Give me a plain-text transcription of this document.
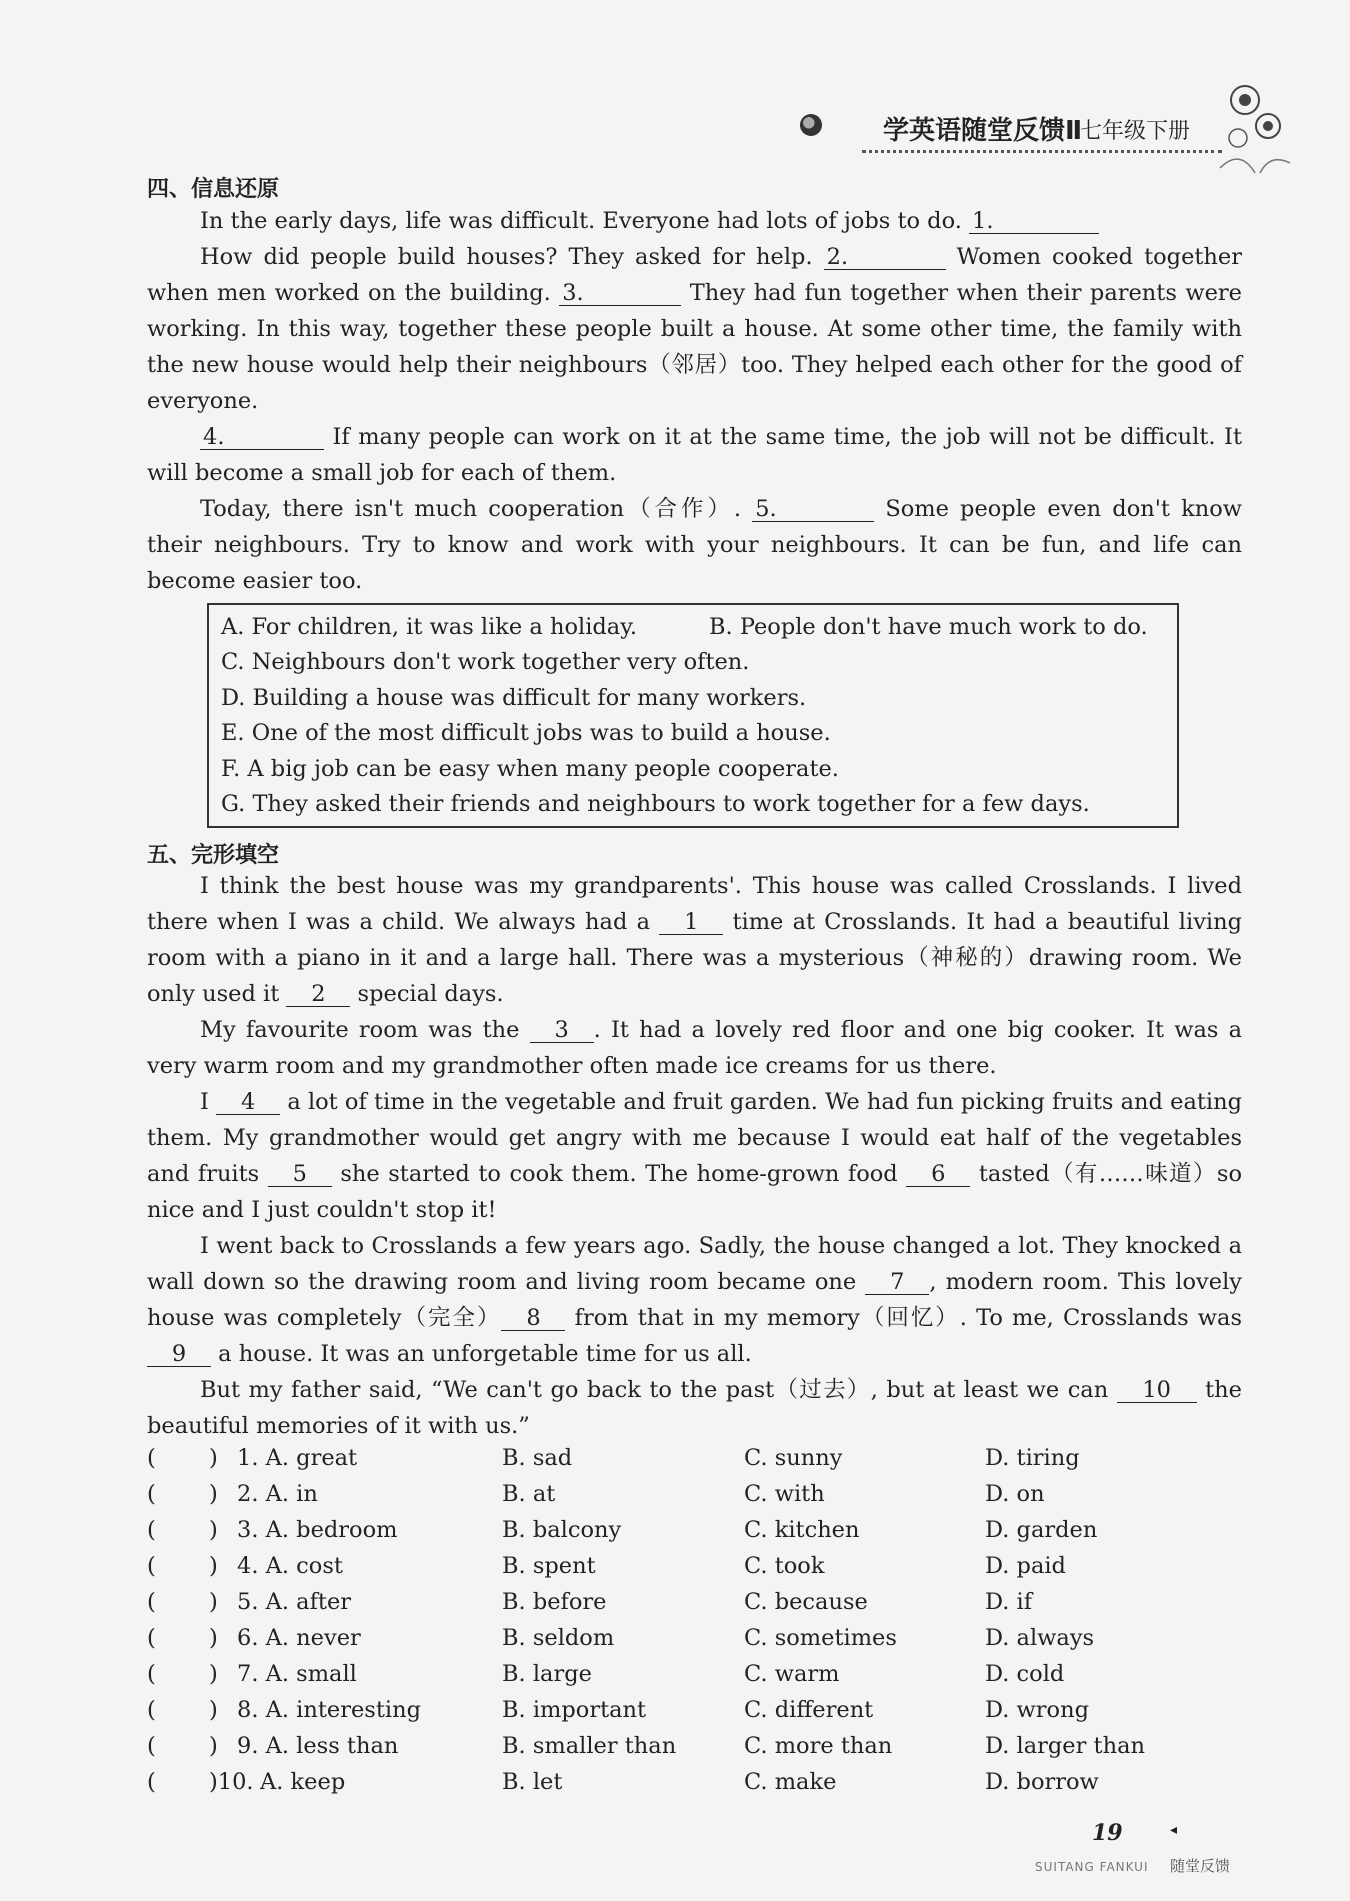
学英语随堂反馈Ⅱ
七年级下册
四、信息还原
In the early days, life was difficult. Everyone had lots of jobs to do. 1.
How did people build houses? They asked for help. 2.	Women cooked together when men worked on the building. 3.	They had fun together when their parents were working. In this way, together these people built a house. At some other time, the family with the new house would help their neighbours（邻居）too. They helped each other for the good of everyone.
4.	If many people can work on it at the same time, the job will not be difficult. It will become a small job for each of them.
Today, there isn't much cooperation（合作）. 5.	Some people even don't know their neighbours. Try to know and work with your neighbours. It can be fun, and life can become easier too.
A. For children, it was like a holiday.	B. People don't have much work to do.
C. Neighbours don't work together very often.
D. Building a house was difficult for many workers.
E. One of the most difficult jobs was to build a house.
F. A big job can be easy when many people cooperate.
G. They asked their friends and neighbours to work together for a few days.
五、完形填空
I think the best house was my grandparents'. This house was called Crosslands. I lived there when I was a child. We always had a 1 time at Crosslands. It had a beautiful living room with a piano in it and a large hall. There was a mysterious（神秘的）drawing room. We only used it 2 special days.
My favourite room was the 3 . It had a lovely red floor and one big cooker. It was a very warm room and my grandmother often made ice creams for us there.
I 4 a lot of time in the vegetable and fruit garden. We had fun picking fruits and eating them. My grandmother would get angry with me because I would eat half of the vegetables and fruits 5 she started to cook them. The home-grown food 6 tasted（有……味道）so nice and I just couldn't stop it!
I went back to Crosslands a few years ago. Sadly, the house changed a lot. They knocked a wall down so the drawing room and living room became one 7 , modern room. This lovely house was completely（完全） 8 from that in my memory（回忆）. To me, Crosslands was 9 a house. It was an unforgetable time for us all.
But my father said, “We can't go back to the past（过去）, but at least we can 10 the beautiful memories of it with us.”
( ) 1. A. great	B. sad	C. sunny	D. tiring
( ) 2. A. in	B. at	C. with	D. on
( ) 3. A. bedroom	B. balcony	C. kitchen	D. garden
( ) 4. A. cost	B. spent	C. took	D. paid
( ) 5. A. after	B. before	C. because	D. if
( ) 6. A. never	B. seldom	C. sometimes	D. always
( ) 7. A. small	B. large	C. warm	D. cold
( ) 8. A. interesting	B. important	C. different	D. wrong
( ) 9. A. less than	B. smaller than	C. more than	D. larger than
( )10. A. keep	B. let	C. make	D. borrow
19	◂
SUITANG FANKUI 随堂反馈
